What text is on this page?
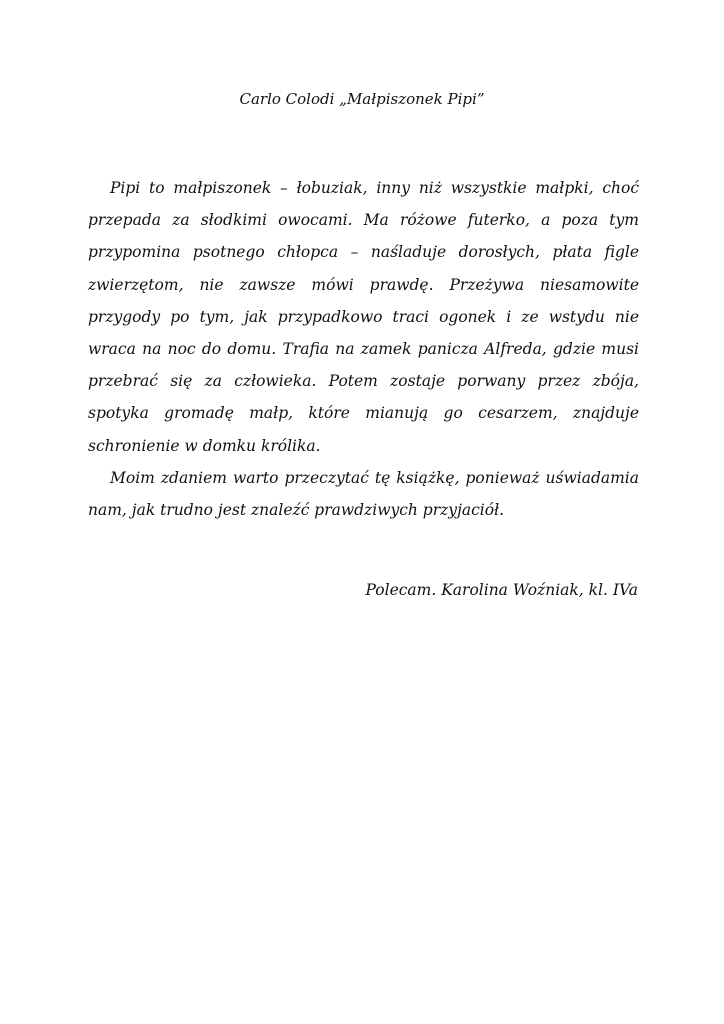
Carlo Colodi „Małpiszonek Pipi”

Pipi to małpiszonek – łobuziak, inny niż wszystkie małpki, choć przepada za słodkimi owocami. Ma różowe futerko, a poza tym przypomina psotnego chłopca – naśladuje dorosłych, płata figle zwierzętom, nie zawsze mówi prawdę. Przeżywa niesamowite przygody po tym, jak przypadkowo traci ogonek i ze wstydu nie wraca na noc do domu. Trafia na zamek panicza Alfreda, gdzie musi przebrać się za człowieka. Potem zostaje porwany przez zbója, spotyka gromadę małp, które mianują go cesarzem, znajduje schronienie w domku królika.

Moim zdaniem warto przeczytać tę książkę, ponieważ uświadamia nam, jak trudno jest znaleźć prawdziwych przyjaciół.

Polecam. Karolina Woźniak, kl. IVa
